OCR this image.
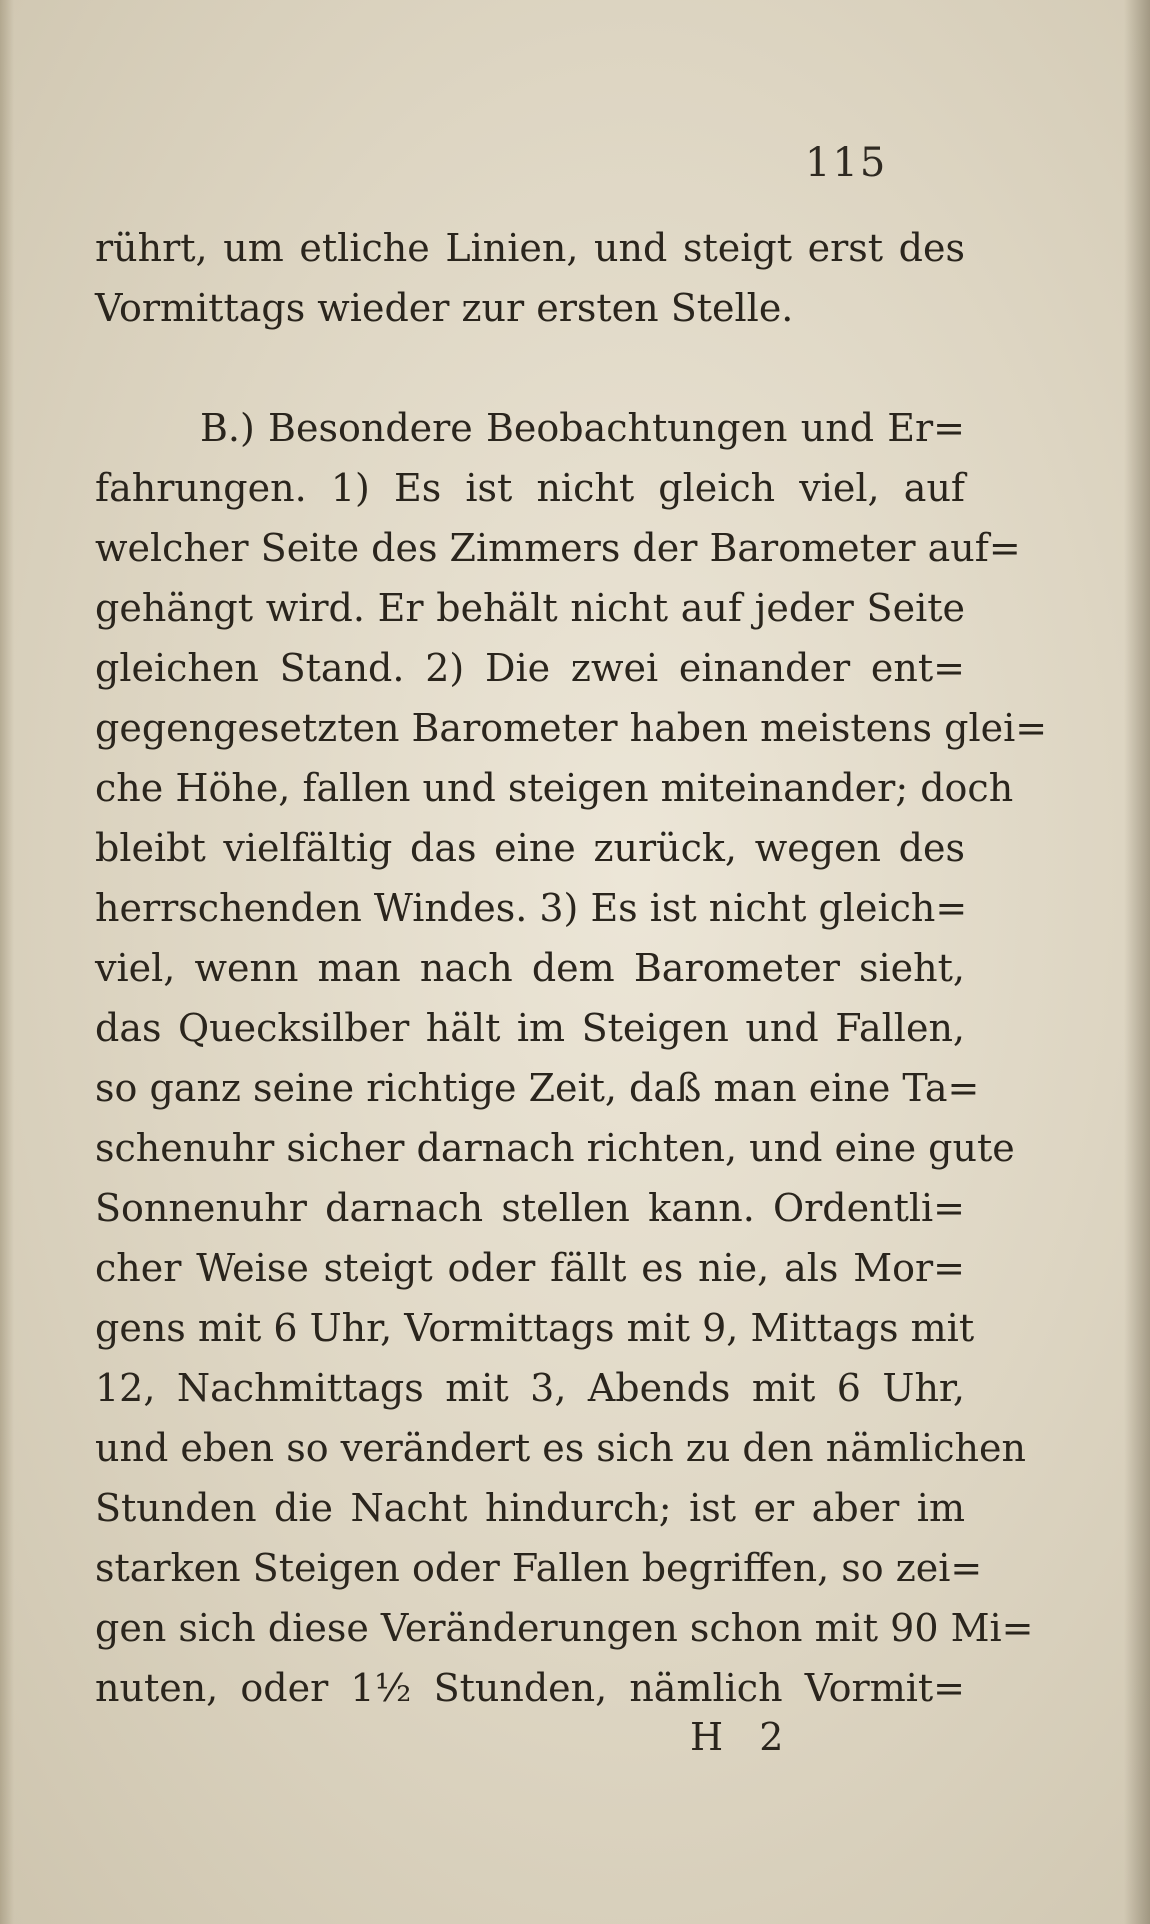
115
rührt, um etliche Linien, und steigt erst des
Vormittags wieder zur ersten Stelle.
B.) Besondere Beobachtungen und Er=
fahrungen. 1) Es ist nicht gleich viel, auf
welcher Seite des Zimmers der Barometer auf=
gehängt wird. Er behält nicht auf jeder Seite
gleichen Stand. 2) Die zwei einander ent=
gegengesetzten Barometer haben meistens glei=
che Höhe, fallen und steigen miteinander; doch
bleibt vielfältig das eine zurück, wegen des
herrschenden Windes. 3) Es ist nicht gleich=
viel, wenn man nach dem Barometer sieht,
das Quecksilber hält im Steigen und Fallen,
so ganz seine richtige Zeit, daß man eine Ta=
schenuhr sicher darnach richten, und eine gute
Sonnenuhr darnach stellen kann. Ordentli=
cher Weise steigt oder fällt es nie, als Mor=
gens mit 6 Uhr, Vormittags mit 9, Mittags mit
12, Nachmittags mit 3, Abends mit 6 Uhr,
und eben so verändert es sich zu den nämlichen
Stunden die Nacht hindurch; ist er aber im
starken Steigen oder Fallen begriffen, so zei=
gen sich diese Veränderungen schon mit 90 Mi=
nuten, oder 1½ Stunden, nämlich Vormit=
H 2
